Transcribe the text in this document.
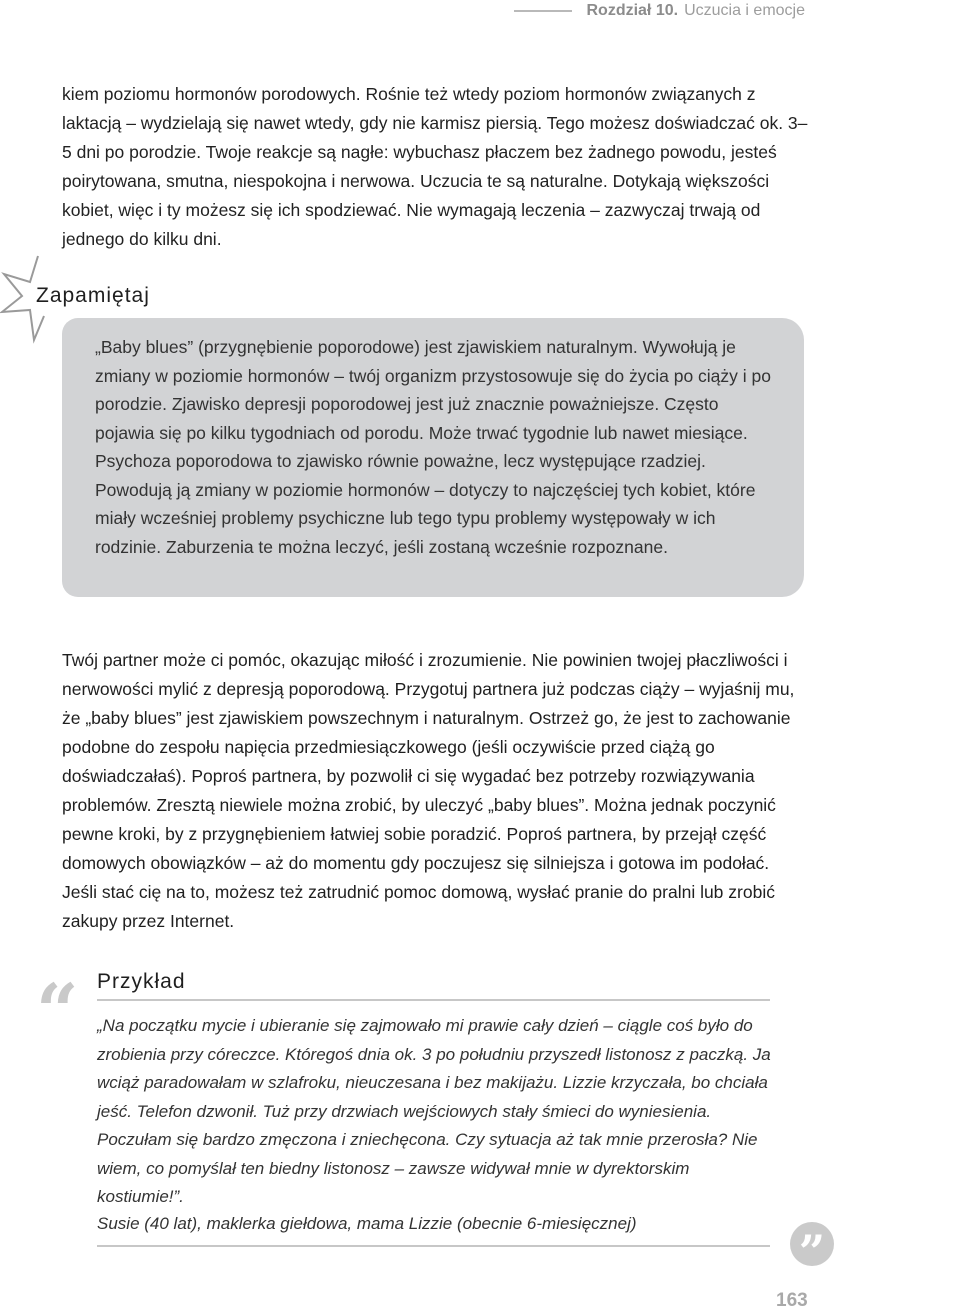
Rozdział 10. Uczucia i emocje

kiem poziomu hormonów porodowych. Rośnie też wtedy poziom hormonów związanych z laktacją – wydzielają się nawet wtedy, gdy nie karmisz piersią. Tego możesz doświadczać ok. 3–5 dni po porodzie. Twoje reakcje są nagłe: wybuchasz płaczem bez żadnego powodu, jesteś poirytowana, smutna, niespokojna i nerwowa. Uczucia te są naturalne. Dotykają większości kobiet, więc i ty możesz się ich spodziewać. Nie wymagają leczenia – zazwyczaj trwają od jednego do kilku dni.

Zapamiętaj

„Baby blues” (przygnębienie poporodowe) jest zjawiskiem naturalnym. Wywołują je zmiany w poziomie hormonów – twój organizm przystosowuje się do życia po ciąży i po porodzie. Zjawisko depresji poporodowej jest już znacznie poważniejsze. Często pojawia się po kilku tygodniach od porodu. Może trwać tygodnie lub nawet miesiące. Psychoza poporodowa to zjawisko równie poważne, lecz występujące rzadziej. Powodują ją zmiany w poziomie hormonów – dotyczy to najczęściej tych kobiet, które miały wcześniej problemy psychiczne lub tego typu problemy występowały w ich rodzinie. Zaburzenia te można leczyć, jeśli zostaną wcześnie rozpoznane.

Twój partner może ci pomóc, okazując miłość i zrozumienie. Nie powinien twojej płaczliwości i nerwowości mylić z depresją poporodową. Przygotuj partnera już podczas ciąży – wyjaśnij mu, że „baby blues” jest zjawiskiem powszechnym i naturalnym. Ostrzeż go, że jest to zachowanie podobne do zespołu napięcia przedmiesiączkowego (jeśli oczywiście przed ciążą go doświadczałaś). Poproś partnera, by pozwolił ci się wygadać bez potrzeby rozwiązywania problemów. Zresztą niewiele można zrobić, by uleczyć „baby blues”. Można jednak poczynić pewne kroki, by z przygnębieniem łatwiej sobie poradzić. Poproś partnera, by przejął część domowych obowiązków – aż do momentu gdy poczujesz się silniejsza i gotowa im podołać. Jeśli stać cię na to, możesz też zatrudnić pomoc domową, wysłać pranie do pralni lub zrobić zakupy przez Internet.

“ Przykład

„Na początku mycie i ubieranie się zajmowało mi prawie cały dzień – ciągle coś było do zrobienia przy córeczce. Któregoś dnia ok. 3 po południu przyszedł listonosz z paczką. Ja wciąż paradowałam w szlafroku, nieuczesana i bez makijażu. Lizzie krzyczała, bo chciała jeść. Telefon dzwonił. Tuż przy drzwiach wejściowych stały śmieci do wyniesienia. Poczułam się bardzo zmęczona i zniechęcona. Czy sytuacja aż tak mnie przerosła? Nie wiem, co pomyślał ten biedny listonosz – zawsze widywał mnie w dyrektorskim kostiumie!”.

Susie (40 lat), maklerka giełdowa, mama Lizzie (obecnie 6-miesięcznej)

”
163
